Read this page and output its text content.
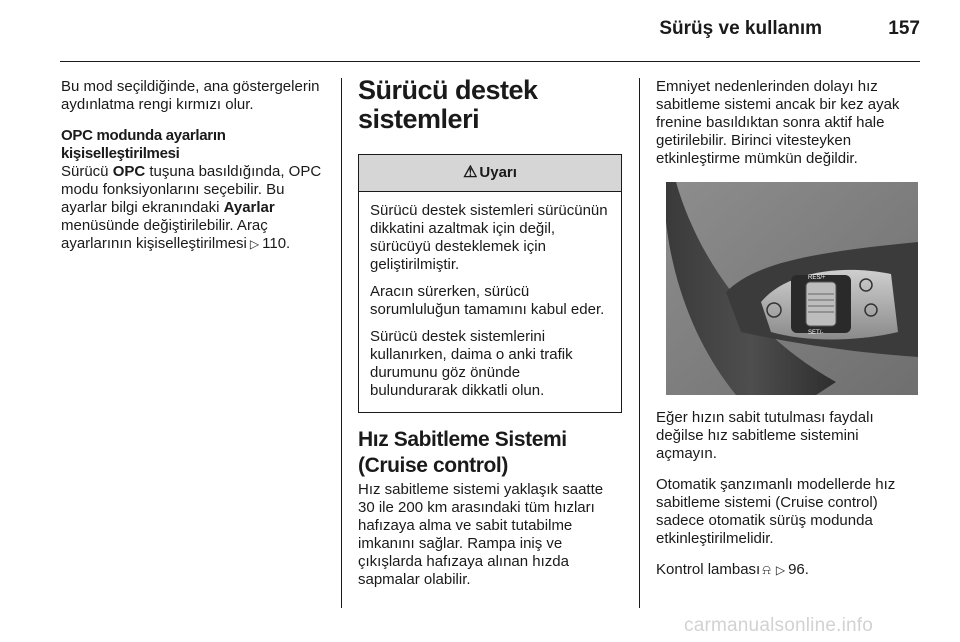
Sürüş ve kullanım	157

Bu mod seçildiğinde, ana göstergelerin aydınlatma rengi kırmızı olur.

OPC modunda ayarların kişiselleştirilmesi

Sürücü OPC tuşuna basıldığında, OPC modu fonksiyonlarını seçebilir. Bu ayarlar bilgi ekranındaki Ayarlar menüsünde değiştirilebilir. Araç ayarlarının kişiselleştirilmesi ▷ 110.

Sürücü destek sistemleri
⚠ Uyarı

Sürücü destek sistemleri sürücünün dikkatini azaltmak için değil, sürücüyü desteklemek için geliştirilmiştir.

Aracın sürerken, sürücü sorumluluğun tamamını kabul eder.

Sürücü destek sistemlerini kullanırken, daima o anki trafik durumunu göz önünde bulundurarak dikkatli olun.

Hız Sabitleme Sistemi (Cruise control)

Hız sabitleme sistemi yaklaşık saatte 30 ile 200 km arasındaki tüm hızları hafızaya alma ve sabit tutabilme imkanını sağlar. Rampa iniş ve çıkışlarda hafızaya alınan hızda sapmalar olabilir.

Emniyet nedenlerinden dolayı hız sabitleme sistemi ancak bir kez ayak frenine basıldıktan sonra aktif hale getirilebilir. Birinci vitesteyken etkinleştirme mümkün değildir.

RES/+
SET/-

Eğer hızın sabit tutulması faydalı değilse hız sabitleme sistemini açmayın.

Otomatik şanzımanlı modellerde hız sabitleme sistemi (Cruise control) sadece otomatik sürüş modunda etkinleştirilmelidir.

Kontrol lambası ⍾ ▷ 96.

carmanualsonline.info
